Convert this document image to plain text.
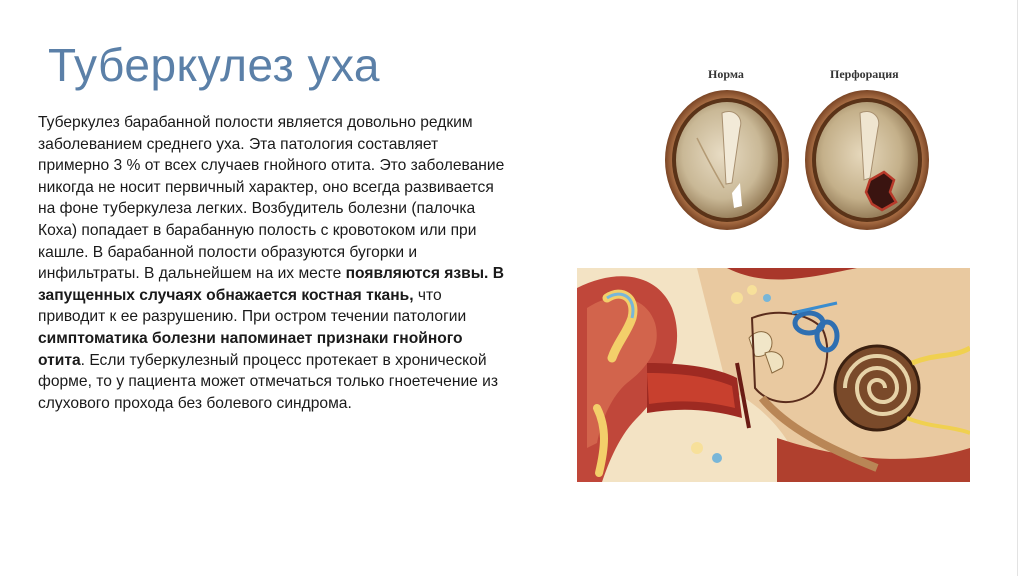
Туберкулез уха
Туберкулез барабанной полости является довольно редким заболеванием среднего уха. Эта патология составляет примерно 3 % от всех случаев гнойного отита. Это заболевание никогда не носит первичный характер, оно всегда развивается на фоне туберкулеза легких. Возбудитель болезни (палочка Коха) попадает в барабанную полость с кровотоком или при кашле. В барабанной полости образуются бугорки и инфильтраты. В дальнейшем на их месте появляются язвы. В запущенных случаях обнажается костная ткань, что приводит к ее разрушению. При остром течении патологии симптоматика болезни напоминает признаки гнойного отита. Если туберкулезный процесс протекает в хронической форме, то у пациента может отмечаться только гноетечение из слухового прохода без болевого синдрома.
Норма	Перфорация
